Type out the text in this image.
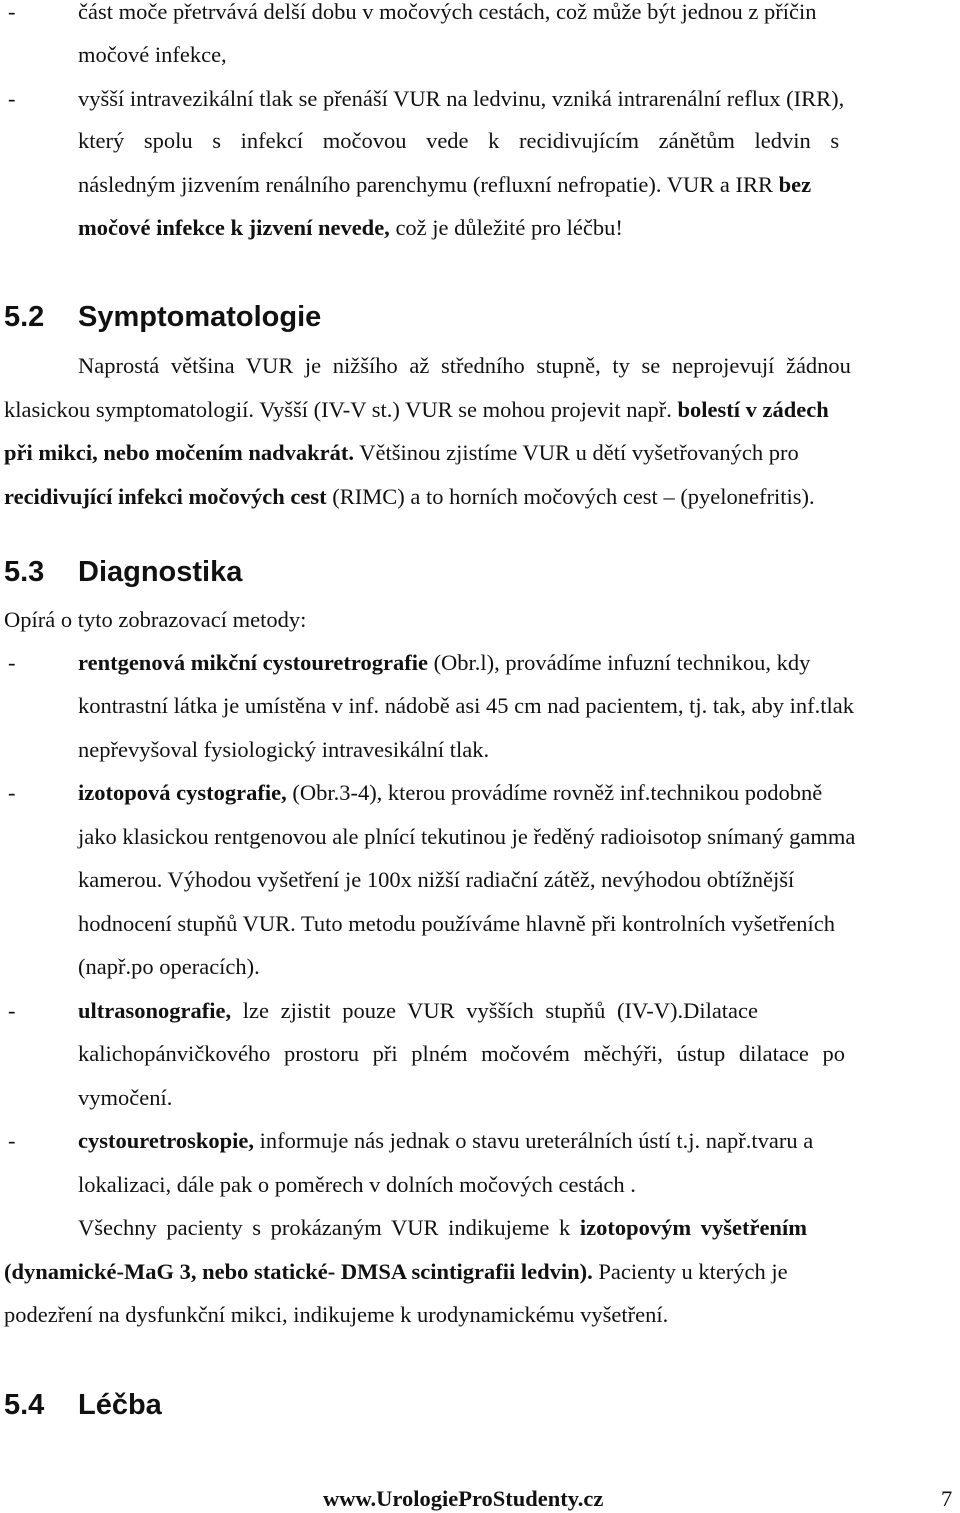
-	část moče přetrvává delší dobu v močových cestách, což může být jednou z příčin
močové infekce,
-	vyšší intravezikální tlak se přenáší VUR na ledvinu, vzniká intrarenální reflux (IRR),
který spolu s infekcí močovou vede k recidivujícím zánětům ledvin s
následným jizvením renálního parenchymu (refluxní nefropatie). VUR a IRR bez
močové infekce k jizvení nevede, což je důležité pro léčbu!
5.2 Symptomatologie
Naprostá většina VUR je nižšího až středního stupně, ty se neprojevují žádnou
klasickou symptomatologií. Vyšší (IV-V st.) VUR se mohou projevit např. bolestí v zádech
při mikci, nebo močením nadvakrát. Většinou zjistíme VUR u dětí vyšetřovaných pro
recidivující infekci močových cest (RIMC) a to horních močových cest – (pyelonefritis).
5.3 Diagnostika
Opírá o tyto zobrazovací metody:
-	rentgenová mikční cystouretrografie (Obr.l), provádíme infuzní technikou, kdy
kontrastní látka je umístěna v inf. nádobě asi 45 cm nad pacientem, tj. tak, aby inf.tlak
nepřevyšoval fysiologický intravesikální tlak.
-	izotopová cystografie, (Obr.3-4), kterou provádíme rovněž inf.technikou podobně
jako klasickou rentgenovou ale plnící tekutinou je ředěný radioisotop snímaný gamma
kamerou. Výhodou vyšetření je 100x nižší radiační zátěž, nevýhodou obtížnější
hodnocení stupňů VUR. Tuto metodu používáme hlavně při kontrolních vyšetřeních
(např.po operacích).
-	ultrasonografie, lze zjistit pouze VUR vyšších stupňů (IV-V).Dilatace
kalichopánvičkového prostoru při plném močovém měchýři, ústup dilatace po
vymočení.
-	cystouretroskopie, informuje nás jednak o stavu ureterálních ústí t.j. např.tvaru a
lokalizaci, dále pak o poměrech v dolních močových cestách .
Všechny pacienty s prokázaným VUR indikujeme k izotopovým vyšetřením
(dynamické-MaG 3, nebo statické- DMSA scintigrafii ledvin). Pacienty u kterých je
podezření na dysfunkční mikci, indikujeme k urodynamickému vyšetření.
5.4 Léčba
www.UrologieProStudenty.cz	7
